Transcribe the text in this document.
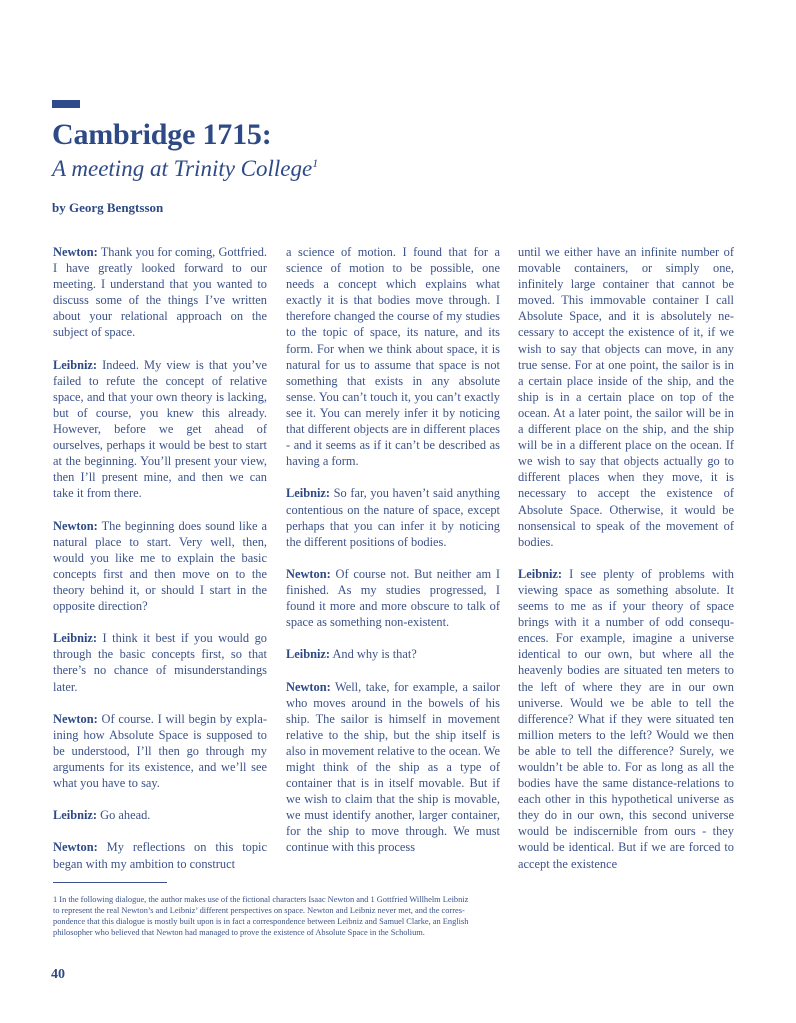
Cambridge 1715:
A meeting at Trinity College$^1$

by Georg Bengtsson

Newton: Thank you for coming, Gottfried. I have greatly looked forward to our meeting. I understand that you wanted to discuss some of the things I’ve written about your relational approach on the subject of space.

Leibniz: Indeed. My view is that you’ve failed to refute the concept of relative space, and that your own theory is lacking, but of course, you knew this already. However, before we get ahead of ourselves, perhaps it would be best to start at the beginning. You’ll present your view, then I’ll present mine, and then we can take it from there.

Newton: The beginning does sound like a natural place to start. Very well, then, would you like me to explain the basic concepts first and then move on to the theory behind it, or should I start in the opposite direction?

Leibniz: I think it best if you would go through the basic concepts first, so that there’s no chance of misunderstandings later.

Newton: Of course. I will begin by explaining how Absolute Space is supposed to be understood, I’ll then go through my arguments for its existence, and we’ll see what you have to say.

Leibniz: Go ahead.

Newton: My reflections on this topic began with my ambition to construct

a science of motion. I found that for a science of motion to be possible, one needs a concept which explains what exactly it is that bodies move through. I therefore changed the course of my studies to the topic of space, its nature, and its form. For when we think about space, it is natural for us to assume that space is not something that exists in any absolute sense. You can’t touch it, you can’t exactly see it. You can merely infer it by noticing that different objects are in different places - and it seems as if it can’t be described as having a form.

Leibniz: So far, you haven’t said anything contentious on the nature of space, except perhaps that you can infer it by noticing the different positions of bodies.

Newton: Of course not. But neither am I finished. As my studies progressed, I found it more and more obscure to talk of space as something non-existent.

Leibniz: And why is that?

Newton: Well, take, for example, a sailor who moves around in the bowels of his ship. The sailor is himself in movement relative to the ship, but the ship itself is also in movement relative to the ocean. We might think of the ship as a type of container that is in itself movable. But if we wish to claim that the ship is movable, we must identify another, larger container, for the ship to move through. We must continue with this process

until we either have an infinite number of movable containers, or simply one, infinitely large container that cannot be moved. This immovable container I call Absolute Space, and it is absolutely necessary to accept the existence of it, if we wish to say that objects can move, in any true sense. For at one point, the sailor is in a certain place inside of the ship, and the ship is in a certain place on top of the ocean. At a later point, the sailor will be in a different place on the ship, and the ship will be in a different place on the ocean. If we wish to say that objects actually go to different places when they move, it is necessary to accept the existence of Absolute Space. Otherwise, it would be nonsensical to speak of the movement of bodies.

Leibniz: I see plenty of problems with viewing space as something absolute. It seems to me as if your theory of space brings with it a number of odd consequences. For example, imagine a universe identical to our own, but where all the heavenly bodies are situated ten meters to the left of where they are in our own universe. Would we be able to tell the difference? What if they were situated ten million meters to the left? Would we then be able to tell the difference? Surely, we wouldn’t be able to. For as long as all the bodies have the same distance-relations to each other in this hypothetical universe as they do in our own, this second universe would be indiscernible from ours - they would be identical. But if we are forced to accept the existence

1 In the following dialogue, the author makes use of the fictional characters Isaac Newton and 1 Gottfried Willhelm Leibniz
to represent the real Newton’s and Leibniz’ different perspectives on space. Newton and Leibniz never met, and the corres-
pondence that this dialogue is mostly built upon is in fact a correspondence between Leibniz and Samuel Clarke, an English
philosopher who believed that Newton had managed to prove the existence of Absolute Space in the Scholium.

40
